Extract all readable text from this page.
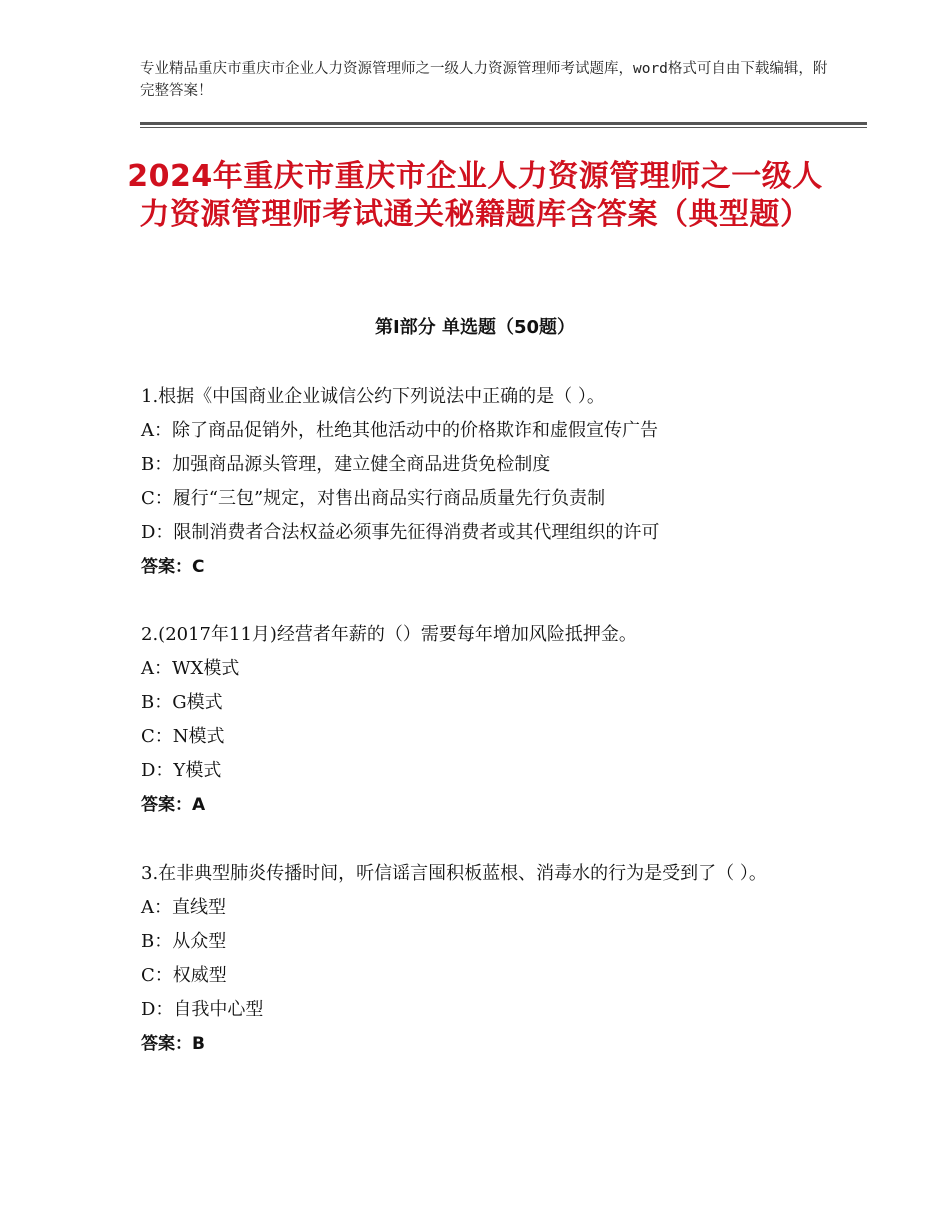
专业精品重庆市重庆市企业人力资源管理师之一级人力资源管理师考试题库，word格式可自由下载编辑，附完整答案！
2024年重庆市重庆市企业人力资源管理师之一级人力资源管理师考试通关秘籍题库含答案（典型题）
第Ⅰ部分 单选题（50题）
1.根据《中国商业企业诚信公约下列说法中正确的是（ ）。
A：除了商品促销外，杜绝其他活动中的价格欺诈和虚假宣传广告
B：加强商品源头管理，建立健全商品进货免检制度
C：履行“三包”规定，对售出商品实行商品质量先行负责制
D：限制消费者合法权益必须事先征得消费者或其代理组织的许可
答案：C
2.(2017年11月)经营者年薪的（）需要每年增加风险抵押金。
A：WX模式
B：G模式
C：N模式
D：Y模式
答案：A
3.在非典型肺炎传播时间，听信谣言囤积板蓝根、消毒水的行为是受到了（ ）。
A：直线型
B：从众型
C：权威型
D：自我中心型
答案：B
